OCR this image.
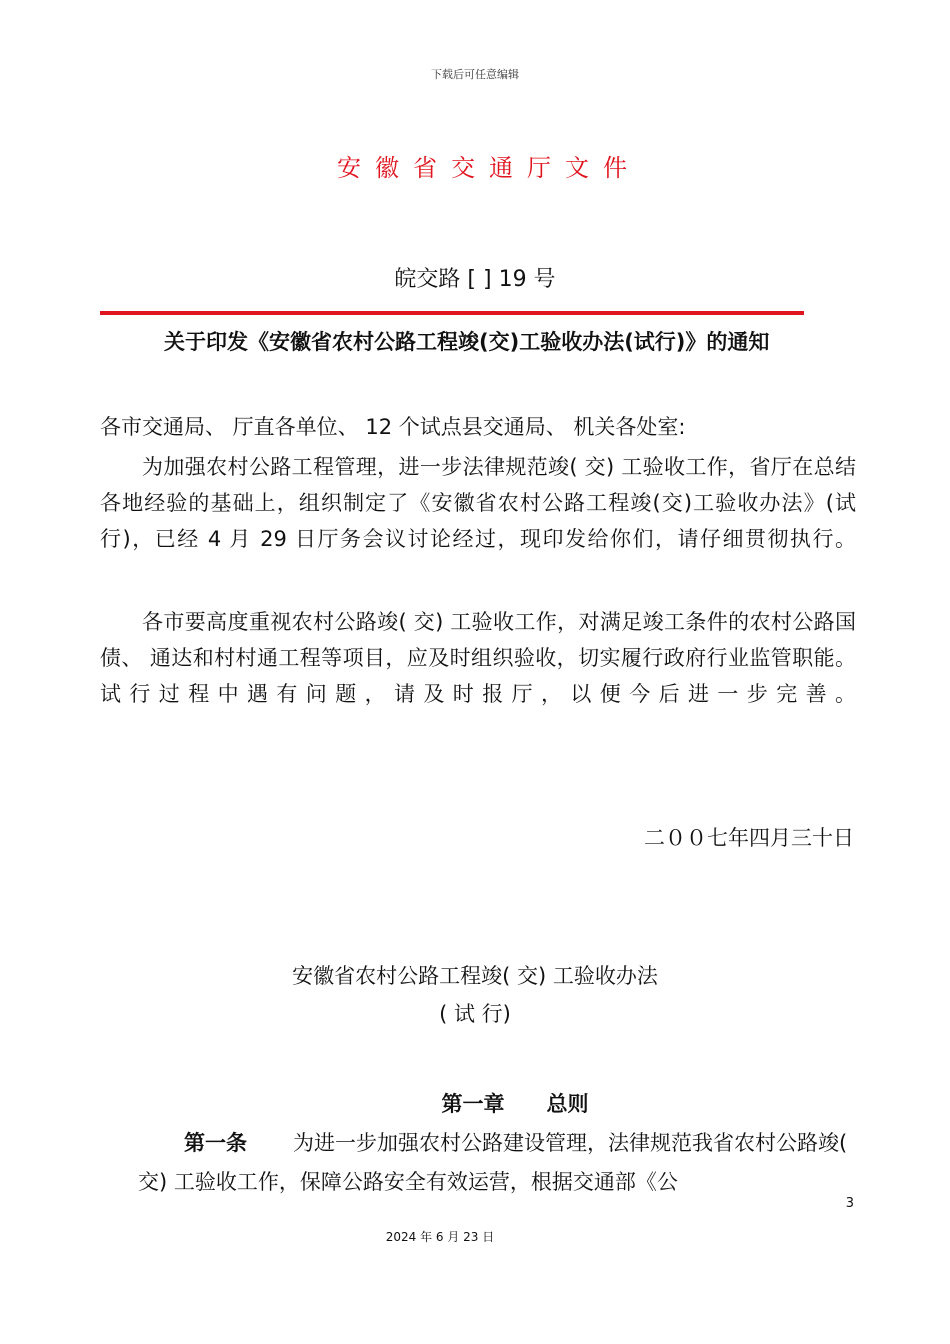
下载后可任意编辑
安徽省交通厅文件
皖交路 [ ] 19 号
关于印发《安徽省农村公路工程竣(交)工验收办法(试行)》的通知
各市交通局、 厅直各单位、 12 个试点县交通局、 机关各处室:
为加强农村公路工程管理，进一步法律规范竣( 交) 工验收工作，省厅在总结各地经验的基础上，组织制定了《安徽省农村公路工程竣(交)工验收办法》(试行)，已经 4 月 29 日厅务会议讨论经过，现印发给你们，请仔细贯彻执行。
各市要高度重视农村公路竣( 交) 工验收工作，对满足竣工条件的农村公路国债、 通达和村村通工程等项目，应及时组织验收，切实履行政府行业监管职能。试行过程中遇有问题，请及时报厅，以便今后进一步完善。
二００七年四月三十日
安徽省农村公路工程竣( 交) 工验收办法
( 试 行)
第一章　　总则
第一条 为进一步加强农村公路建设管理，法律规范我省农村公路竣( 交) 工验收工作，保障公路安全有效运营，根据交通部《公
3
2024 年 6 月 23 日
